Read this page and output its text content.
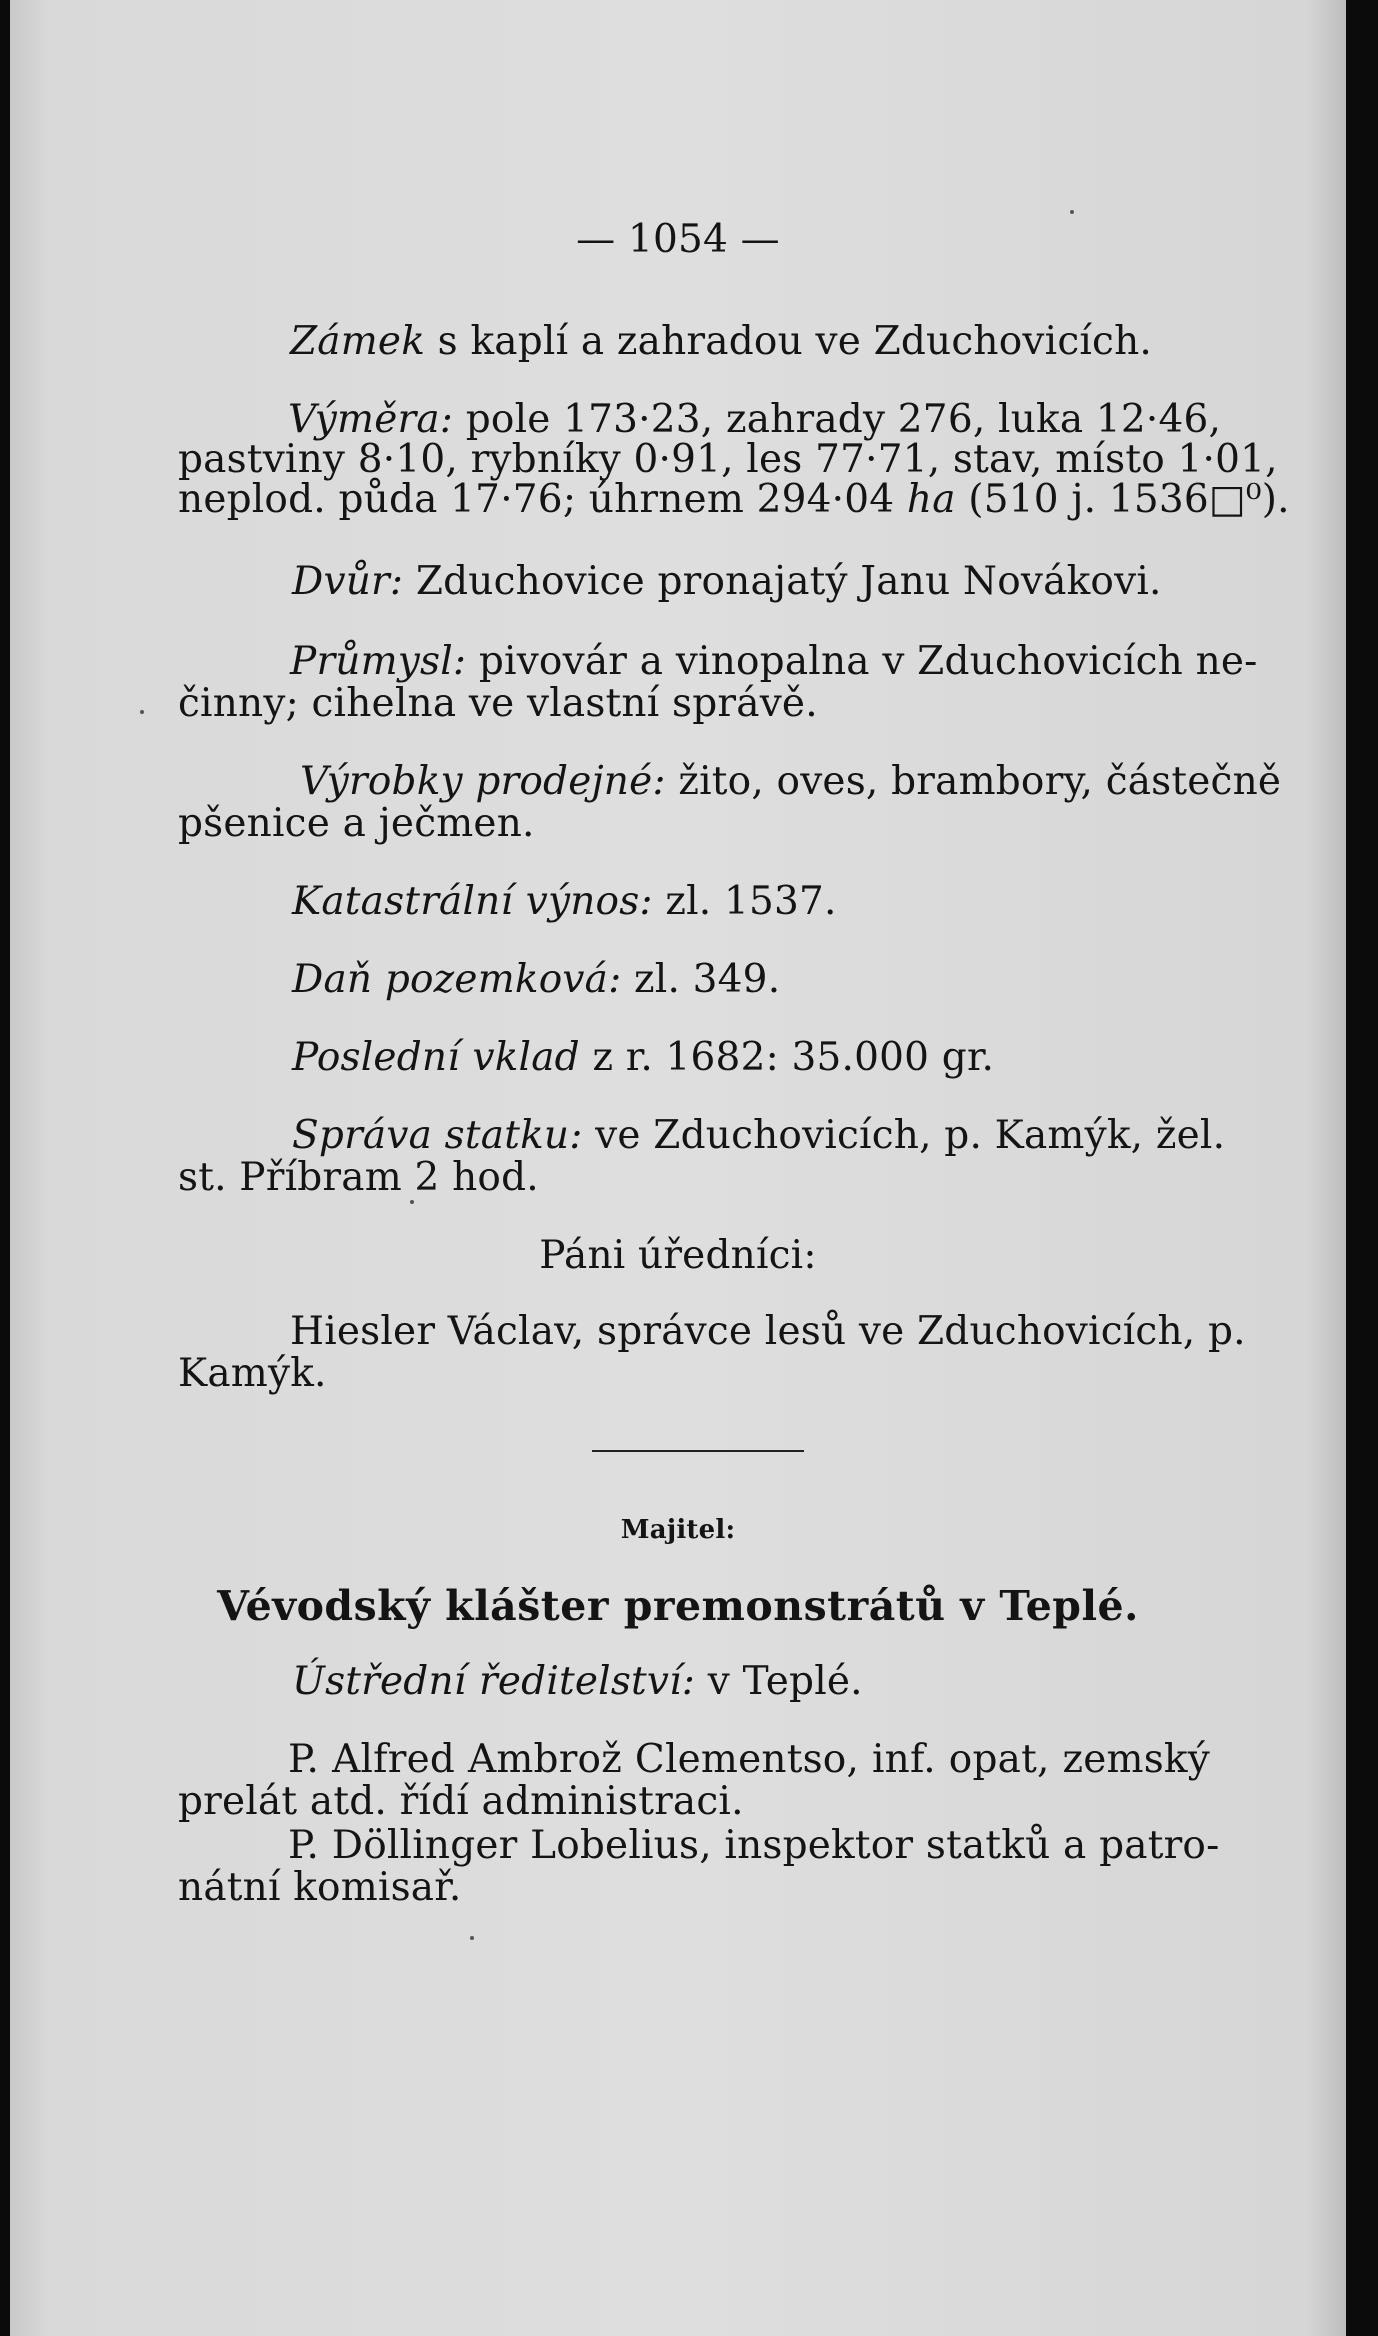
— 1054 —
Zámek s kaplí a zahradou ve Zduchovicích.
Výměra: pole 173·23, zahrady 276, luka 12·46,
pastviny 8·10, rybníky 0·91, les 77·71, stav, místo 1·01,
neplod. půda 17·76; úhrnem 294·04 ha (510 j. 1536□⁰).
Dvůr: Zduchovice pronajatý Janu Novákovi.
Průmysl: pivovár a vinopalna v Zduchovicích ne-
činny; cihelna ve vlastní správě.
Výrobky prodejné: žito, oves, brambory, částečně
pšenice a ječmen.
Katastrální výnos: zl. 1537.
Daň pozemková: zl. 349.
Poslední vklad z r. 1682: 35.000 gr.
Správa statku: ve Zduchovicích, p. Kamýk, žel.
st. Příbram 2 hod.
Páni úředníci:
Hiesler Václav, správce lesů ve Zduchovicích, p.
Kamýk.
Majitel:
Vévodský klášter premonstrátů v Teplé.
Ústřední ředitelství: v Teplé.
P. Alfred Ambrož Clementso, inf. opat, zemský
prelát atd. řídí administraci.
P. Döllinger Lobelius, inspektor statků a patro-
nátní komisař.
